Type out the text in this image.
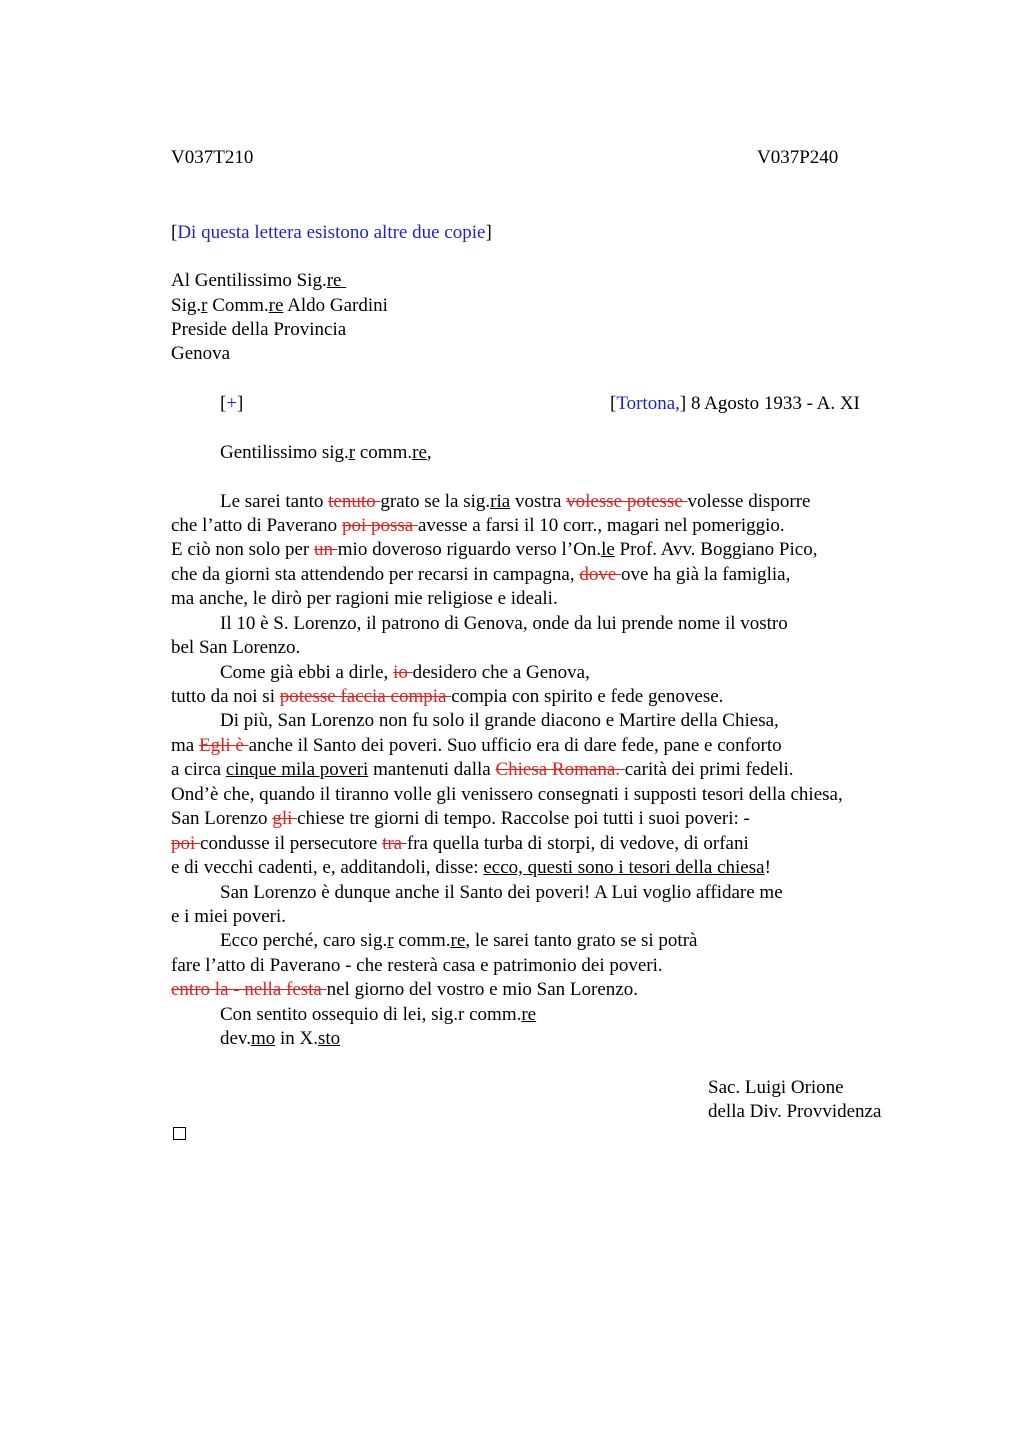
V037T210	V037P240
[Di questa lettera esistono altre due copie]
Al Gentilissimo Sig.re
Sig.r Comm.re Aldo Gardini
Preside della Provincia
Genova
[+]	[Tortona,] 8 Agosto 1933 - A. XI
Gentilissimo sig.r comm.re,
Le sarei tanto tenuto grato se la sig.ria vostra volesse potesse volesse disporre
che l’atto di Paverano poi possa avesse a farsi il 10 corr., magari nel pomeriggio.
E ciò non solo per un mio doveroso riguardo verso l’On.le Prof. Avv. Boggiano Pico,
che da giorni sta attendendo per recarsi in campagna, dove ove ha già la famiglia,
ma anche, le dirò per ragioni mie religiose e ideali.
Il 10 è S. Lorenzo, il patrono di Genova, onde da lui prende nome il vostro
bel San Lorenzo.
Come già ebbi a dirle, io desidero che a Genova,
tutto da noi si potesse faccia compia compia con spirito e fede genovese.
Di più, San Lorenzo non fu solo il grande diacono e Martire della Chiesa,
ma Egli è anche il Santo dei poveri. Suo ufficio era di dare fede, pane e conforto
a circa cinque mila poveri mantenuti dalla Chiesa Romana. carità dei primi fedeli.
Ond’è che, quando il tiranno volle gli venissero consegnati i supposti tesori della chiesa,
San Lorenzo gli chiese tre giorni di tempo. Raccolse poi tutti i suoi poveri: -
poi condusse il persecutore tra fra quella turba di storpi, di vedove, di orfani
e di vecchi cadenti, e, additandoli, disse: ecco, questi sono i tesori della chiesa!
San Lorenzo è dunque anche il Santo dei poveri! A Lui voglio affidare me
e i miei poveri.
Ecco perché, caro sig.r comm.re, le sarei tanto grato se si potrà
fare l’atto di Paverano - che resterà casa e patrimonio dei poveri.
entro la - nella festa nel giorno del vostro e mio San Lorenzo.
Con sentito ossequio di lei, sig.r comm.re
dev.mo in X.sto
Sac. Luigi Orione
della Div. Provvidenza
